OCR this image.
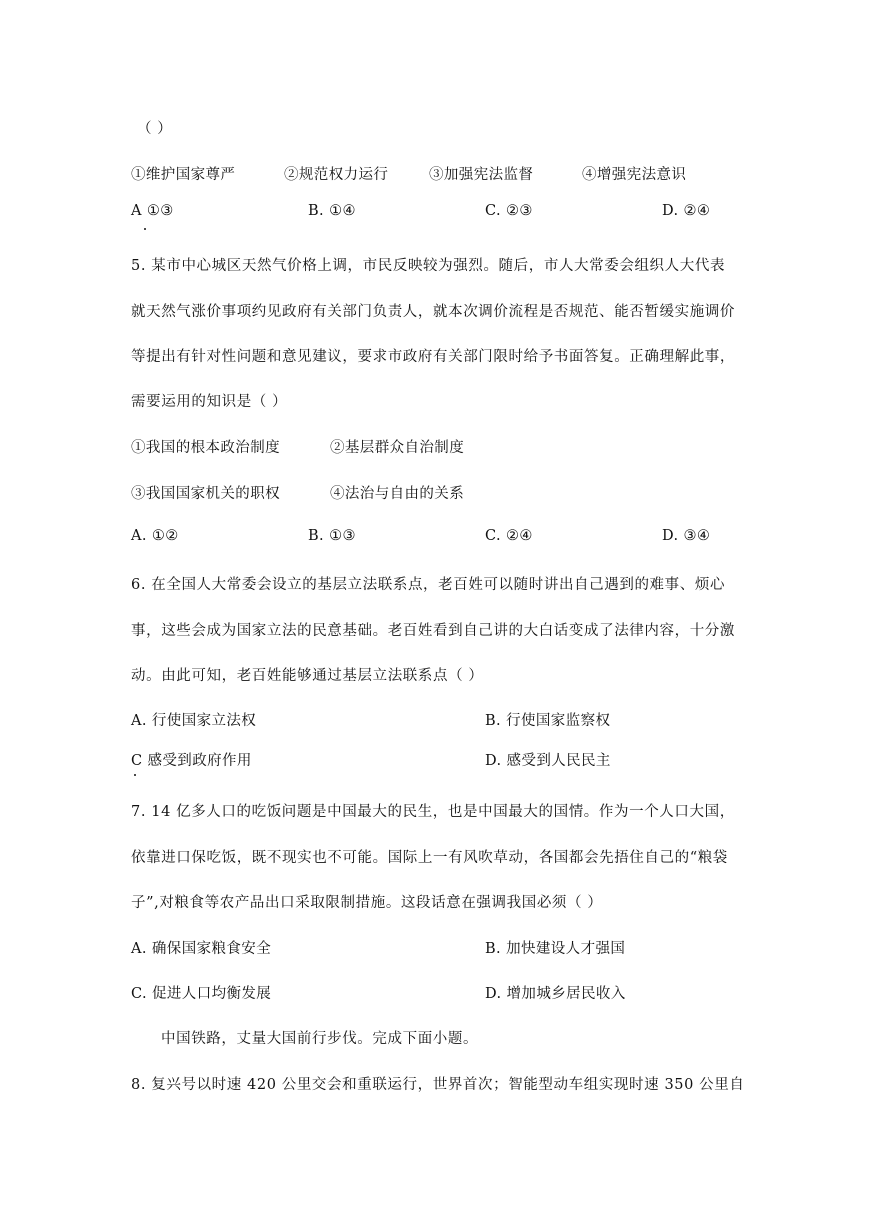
（ ）
①维护国家尊严	②规范权力运行	③加强宪法监督	④增强宪法意识
A ①③	B. ①④	C. ②③	D. ②④
5. 某市中心城区天然气价格上调，市民反映较为强烈。随后，市人大常委会组织人大代表
就天然气涨价事项约见政府有关部门负责人，就本次调价流程是否规范、能否暂缓实施调价
等提出有针对性问题和意见建议，要求市政府有关部门限时给予书面答复。正确理解此事，
需要运用的知识是（ ）
①我国的根本政治制度	②基层群众自治制度
③我国国家机关的职权	④法治与自由的关系
A. ①②	B. ①③	C. ②④	D. ③④
6. 在全国人大常委会设立的基层立法联系点，老百姓可以随时讲出自己遇到的难事、烦心
事，这些会成为国家立法的民意基础。老百姓看到自己讲的大白话变成了法律内容，十分激
动。由此可知，老百姓能够通过基层立法联系点（ ）
A. 行使国家立法权	B. 行使国家监察权
C 感受到政府作用	D. 感受到人民民主
7. 14 亿多人口的吃饭问题是中国最大的民生，也是中国最大的国情。作为一个人口大国，
依靠进口保吃饭，既不现实也不可能。国际上一有风吹草动，各国都会先捂住自己的“粮袋
子”,对粮食等农产品出口采取限制措施。这段话意在强调我国必须（ ）
A. 确保国家粮食安全	B. 加快建设人才强国
C. 促进人口均衡发展	D. 增加城乡居民收入
中国铁路，丈量大国前行步伐。完成下面小题。
8. 复兴号以时速 420 公里交会和重联运行，世界首次；智能型动车组实现时速 350 公里自
